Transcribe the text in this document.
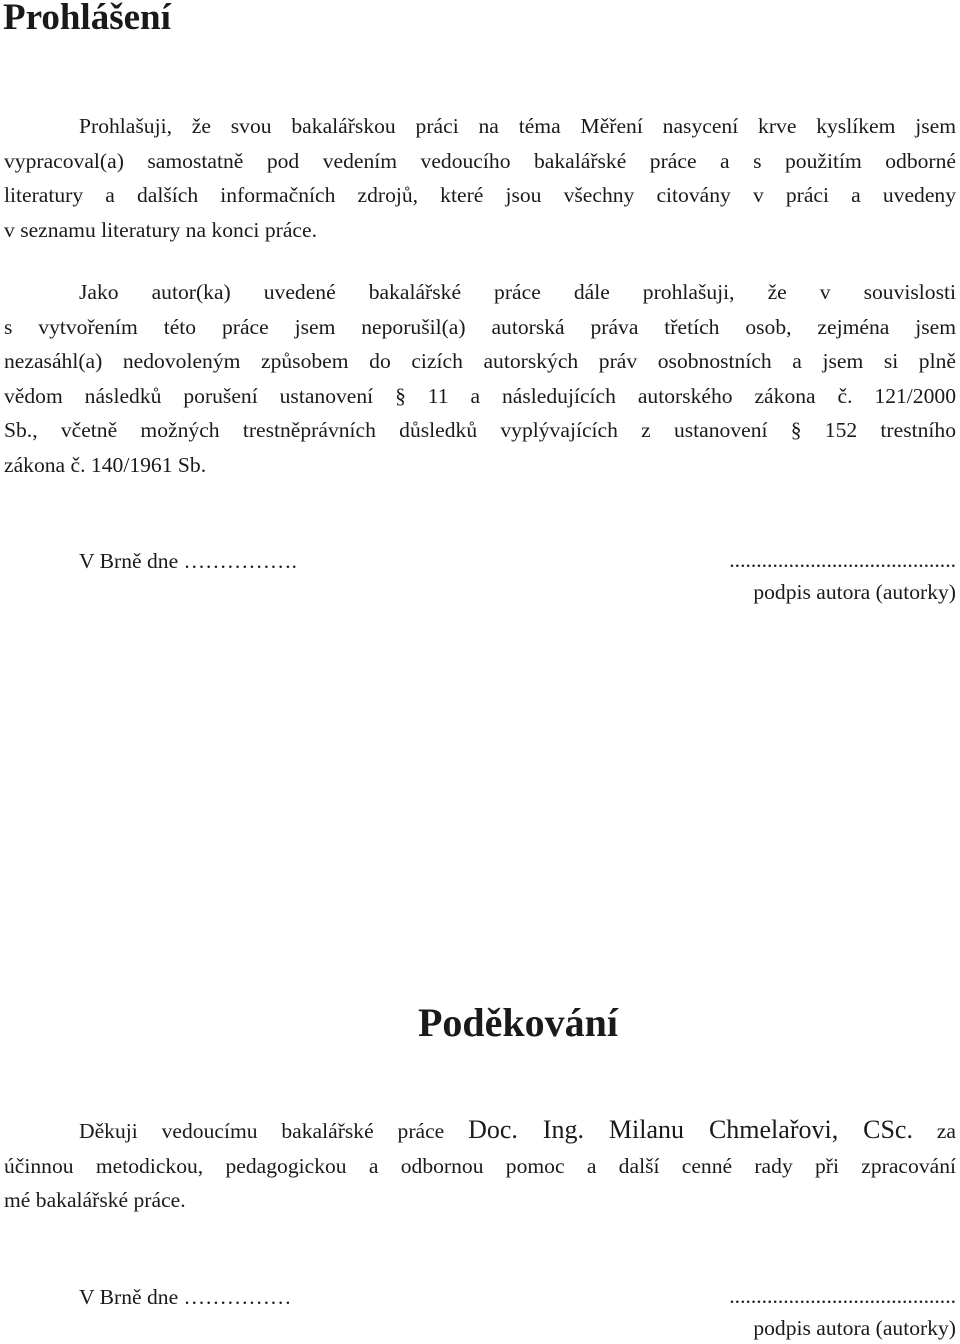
Prohlášení
Prohlašuji, že svou bakalářskou práci na téma Měření nasycení krve kyslíkem jsem
vypracoval(a) samostatně pod vedením vedoucího bakalářské práce a s použitím odborné
literatury a dalších informačních zdrojů, které jsou všechny citovány v práci a uvedeny
v seznamu literatury na konci práce.
Jako autor(ka) uvedené bakalářské práce dále prohlašuji, že v souvislosti
s vytvořením této práce jsem neporušil(a) autorská práva třetích osob, zejména jsem
nezasáhl(a) nedovoleným způsobem do cizích autorských práv osobnostních a jsem si plně
vědom následků porušení ustanovení § 11 a následujících autorského zákona č. 121/2000
Sb., včetně možných trestněprávních důsledků vyplývajících z ustanovení § 152 trestního
zákona č. 140/1961 Sb.
V Brně dne …………….	..........................................
podpis autora (autorky)
Poděkování
Děkuji vedoucímu bakalářské práce Doc. Ing. Milanu Chmelařovi, CSc. za
účinnou metodickou, pedagogickou a odbornou pomoc a další cenné rady při zpracování
mé bakalářské práce.
V Brně dne ……………	..........................................
podpis autora (autorky)
